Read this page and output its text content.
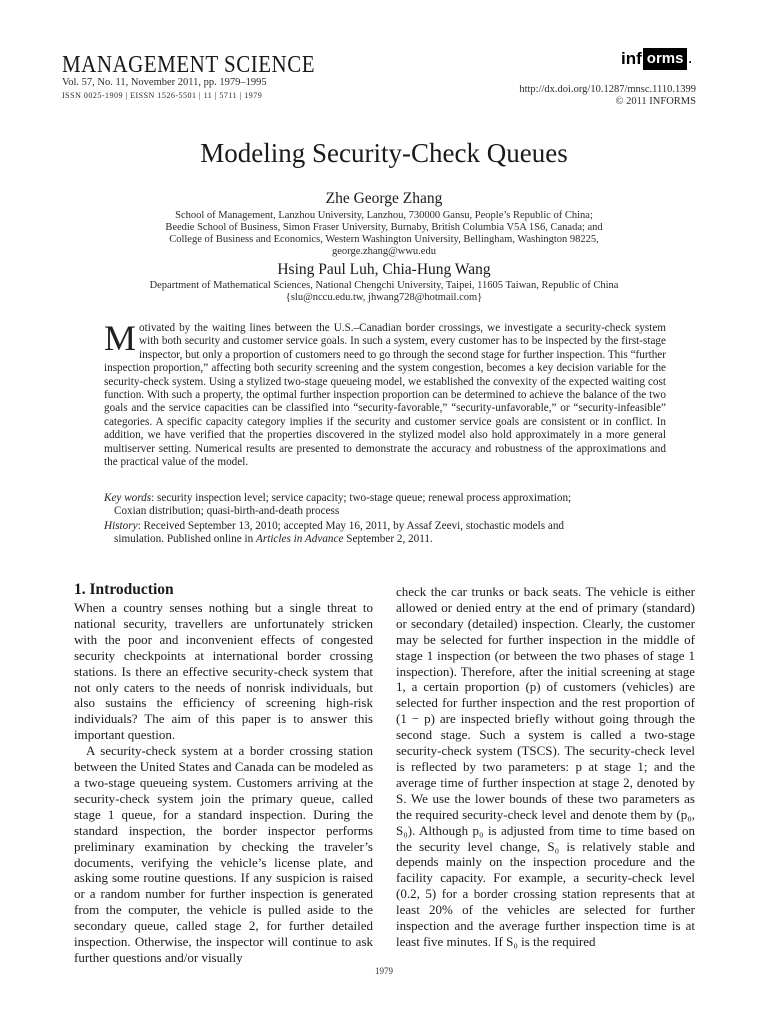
MANAGEMENT SCIENCE
Vol. 57, No. 11, November 2011, pp. 1979–1995
ISSN 0025-1909 | EISSN 1526-5501 | 11 | 5711 | 1979
inf orms .
http://dx.doi.org/10.1287/mnsc.1110.1399
© 2011 INFORMS
Modeling Security-Check Queues
Zhe George Zhang
School of Management, Lanzhou University, Lanzhou, 730000 Gansu, People’s Republic of China;
Beedie School of Business, Simon Fraser University, Burnaby, British Columbia V5A 1S6, Canada; and
College of Business and Economics, Western Washington University, Bellingham, Washington 98225,
george.zhang@wwu.edu
Hsing Paul Luh, Chia-Hung Wang
Department of Mathematical Sciences, National Chengchi University, Taipei, 11605 Taiwan, Republic of China
{slu@nccu.edu.tw, jhwang728@hotmail.com}
Motivated by the waiting lines between the U.S.–Canadian border crossings, we investigate a security-check system with both security and customer service goals. In such a system, every customer has to be inspected by the first-stage inspector, but only a proportion of customers need to go through the second stage for further inspection. This “further inspection proportion,” affecting both security screening and the system congestion, becomes a key decision variable for the security-check system. Using a stylized two-stage queueing model, we established the convexity of the expected waiting cost function. With such a property, the optimal further inspection proportion can be determined to achieve the balance of the two goals and the service capacities can be classified into “security-favorable,” “security-unfavorable,” or “security-infeasible” categories. A specific capacity category implies if the security and customer service goals are consistent or in conflict. In addition, we have verified that the properties discovered in the stylized model also hold approximately in a more general multiserver setting. Numerical results are presented to demonstrate the accuracy and robustness of the approximations and the practical value of the model.
Key words: security inspection level; service capacity; two-stage queue; renewal process approximation;
Coxian distribution; quasi-birth-and-death process
History: Received September 13, 2010; accepted May 16, 2011, by Assaf Zeevi, stochastic models and
simulation. Published online in Articles in Advance September 2, 2011.
1. Introduction

When a country senses nothing but a single threat to national security, travellers are unfortunately stricken with the poor and inconvenient effects of congested security checkpoints at international border crossing stations. Is there an effective security-check system that not only caters to the needs of nonrisk individuals, but also sustains the efficiency of screening high-risk individuals? The aim of this paper is to answer this important question.

A security-check system at a border crossing station between the United States and Canada can be modeled as a two-stage queueing system. Customers arriving at the security-check system join the primary queue, called stage 1 queue, for a standard inspection. During the standard inspection, the border inspector performs preliminary examination by checking the traveler’s documents, verifying the vehicle’s license plate, and asking some routine questions. If any suspicion is raised or a random number for further inspection is generated from the computer, the vehicle is pulled aside to the secondary queue, called stage 2, for further detailed inspection. Otherwise, the inspector will continue to ask further questions and/or visually

check the car trunks or back seats. The vehicle is either allowed or denied entry at the end of primary (standard) or secondary (detailed) inspection. Clearly, the customer may be selected for further inspection in the middle of stage 1 inspection (or between the two phases of stage 1 inspection). Therefore, after the initial screening at stage 1, a certain proportion (p) of customers (vehicles) are selected for further inspection and the rest proportion of (1 − p) are inspected briefly without going through the second stage. Such a system is called a two-stage security-check system (TSCS). The security-check level is reflected by two parameters: p at stage 1; and the average time of further inspection at stage 2, denoted by S. We use the lower bounds of these two parameters as the required security-check level and denote them by (p₀, S₀). Although p₀ is adjusted from time to time based on the security level change, S₀ is relatively stable and depends mainly on the inspection procedure and the facility capacity. For example, a security-check level (0.2, 5) for a border crossing station represents that at least 20% of the vehicles are selected for further inspection and the average further inspection time is at least five minutes. If S₀ is the required

1979
